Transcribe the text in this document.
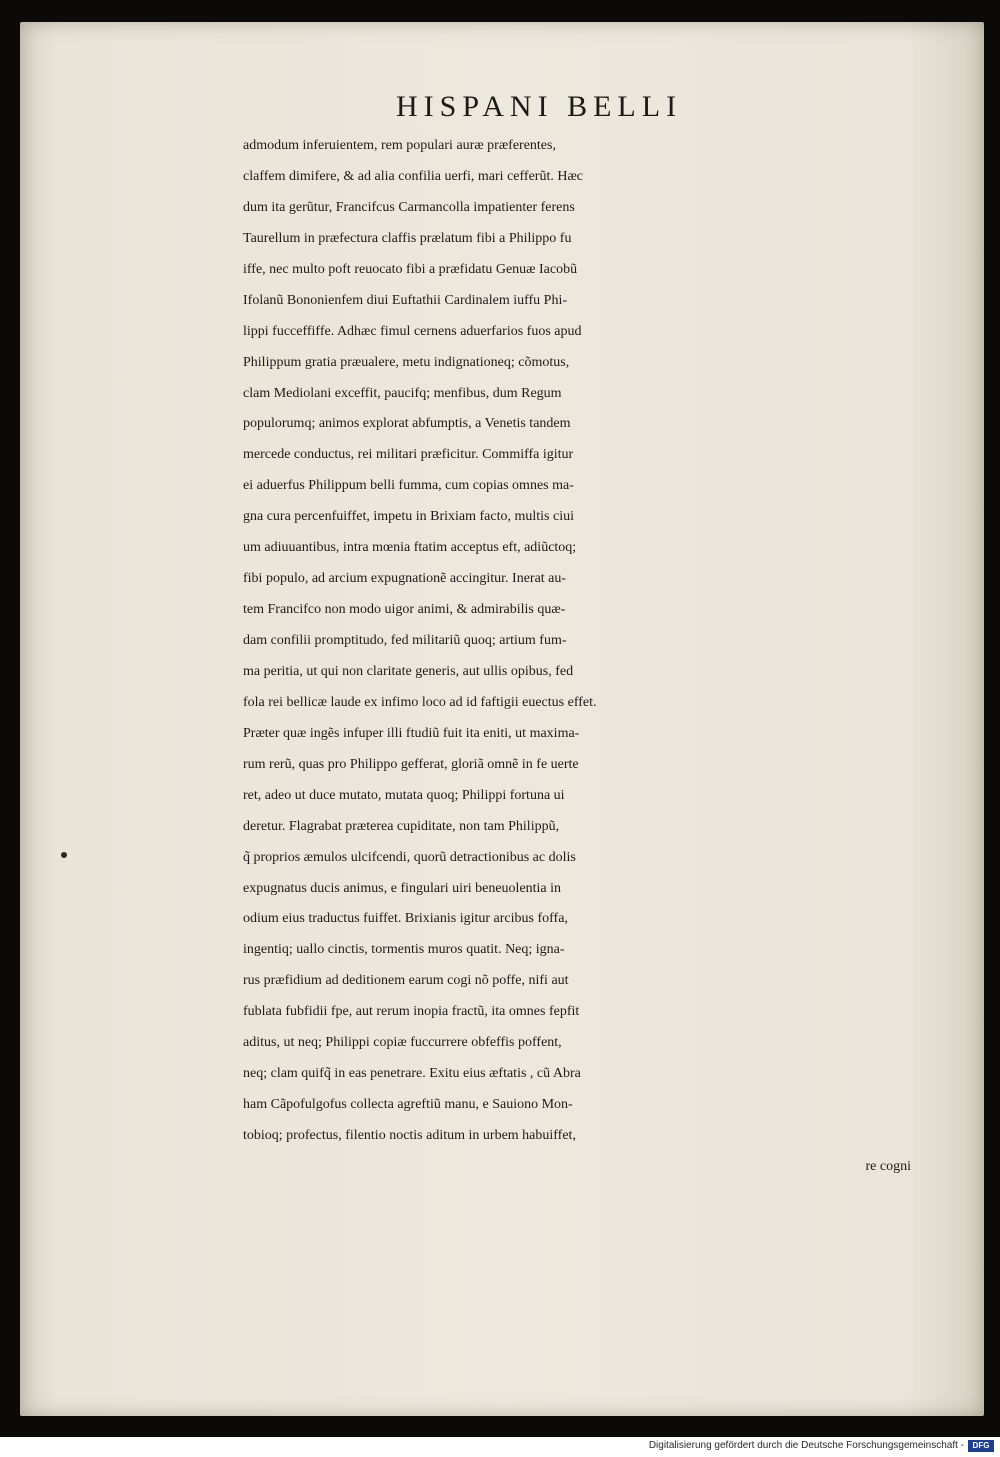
HISPANI BELLI
admodum inferuientem, rem populari auræ præferentes,
claffem dimifere, & ad alia confilia uerfi, mari cefferũt. Hæc
dum ita gerũtur, Francifcus Carmancolla impatienter ferens
Taurellum in præfectura claffis prælatum fibi a Philippo fu
iffe, nec multo poft reuocato fibi a præfidatu Genuæ Iacobũ
Ifolanũ Bononienfem diui Euftathii Cardinalem iuffu Phi-
lippi fucceffiffe. Adhæc fimul cernens aduerfarios fuos apud
Philippum gratia præualere, metu indignationeq; cõmotus,
clam Mediolani exceffit, paucifq; menfibus, dum Regum
populorumq; animos explorat abfumptis, a Venetis tandem
mercede conductus, rei militari præficitur. Commiffa igitur
ei aduerfus Philippum belli fumma, cum copias omnes ma-
gna cura percenfuiffet, impetu in Brixiam facto, multis ciui
um adiuuantibus, intra mœnia ftatim acceptus eft, adiũctoq;
fibi populo, ad arcium expugnationẽ accingitur. Inerat au-
tem Francifco non modo uigor animi, & admirabilis quæ-
dam confilii promptitudo, fed militariũ quoq; artium fum-
ma peritia, ut qui non claritate generis, aut ullis opibus, fed
fola rei bellicæ laude ex infimo loco ad id faftigii euectus effet.
Præter quæ ingẽs infuper illi ftudiũ fuit ita eniti, ut maxima-
rum rerũ, quas pro Philippo gefferat, gloriã omnẽ in fe uerte
ret, adeo ut duce mutato, mutata quoq; Philippi fortuna ui
deretur. Flagrabat præterea cupiditate, non tam Philippũ,
q̃ proprios æmulos ulcifcendi, quorũ detractionibus ac dolis
expugnatus ducis animus, e fingulari uiri beneuolentia in
odium eius traductus fuiffet. Brixianis igitur arcibus foffa,
ingentiq; uallo cinctis, tormentis muros quatit. Neq; igna-
rus præfidium ad deditionem earum cogi nõ poffe, nifi aut
fublata fubfidii fpe, aut rerum inopia fractũ, ita omnes fepfit
aditus, ut neq; Philippi copiæ fuccurrere obfeffis poffent,
neq; clam quifq̃ in eas penetrare. Exitu eius æftatis , cũ Abra
ham Cãpofulgofus collecta agreftiũ manu, e Sauiono Mon-
tobioq; profectus, filentio noctis aditum in urbem habuiffet,
re cogni
Digitalisierung gefördert durch die Deutsche Forschungsgemeinschaft -	DFG
